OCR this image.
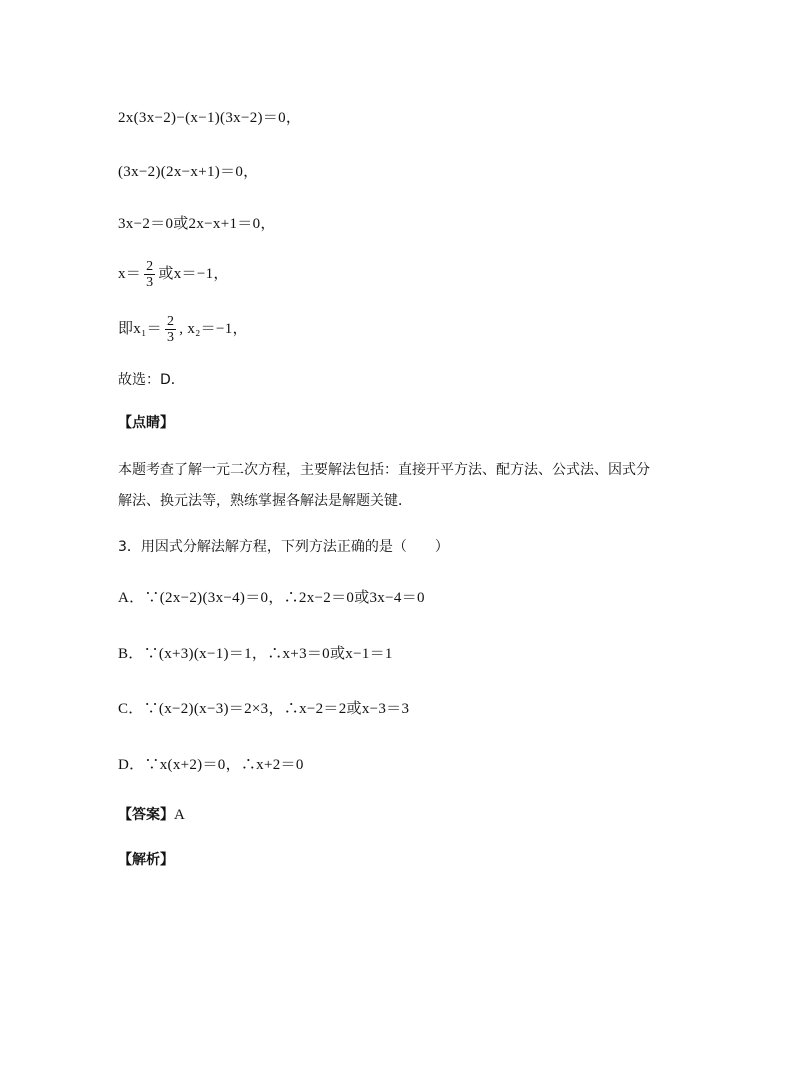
2x(3x−2)−(x−1)(3x−2)＝0，
(3x−2)(2x−x+1)＝0，
3x−2＝0或2x−x+1＝0，
$x= \frac{2}{3}$ 或x＝−1，
即$x_1= \frac{2}{3}$ , x₂＝−1，
故选：D．
【点睛】
本题考查了解一元二次方程，主要解法包括：直接开平方法、配方法、公式法、因式分
解法、换元法等，熟练掌握各解法是解题关键．
3．用因式分解法解方程，下列方法正确的是（　　）
A．∵(2x−2)(3x−4)＝0，∴2x−2＝0或3x−4＝0
B．∵(x+3)(x−1)＝1，∴x+3＝0或x−1＝1
C．∵(x−2)(x−3)＝2×3，∴x−2＝2或x−3＝3
D．∵x(x+2)＝0，∴x+2＝0
【答案】A
【解析】
